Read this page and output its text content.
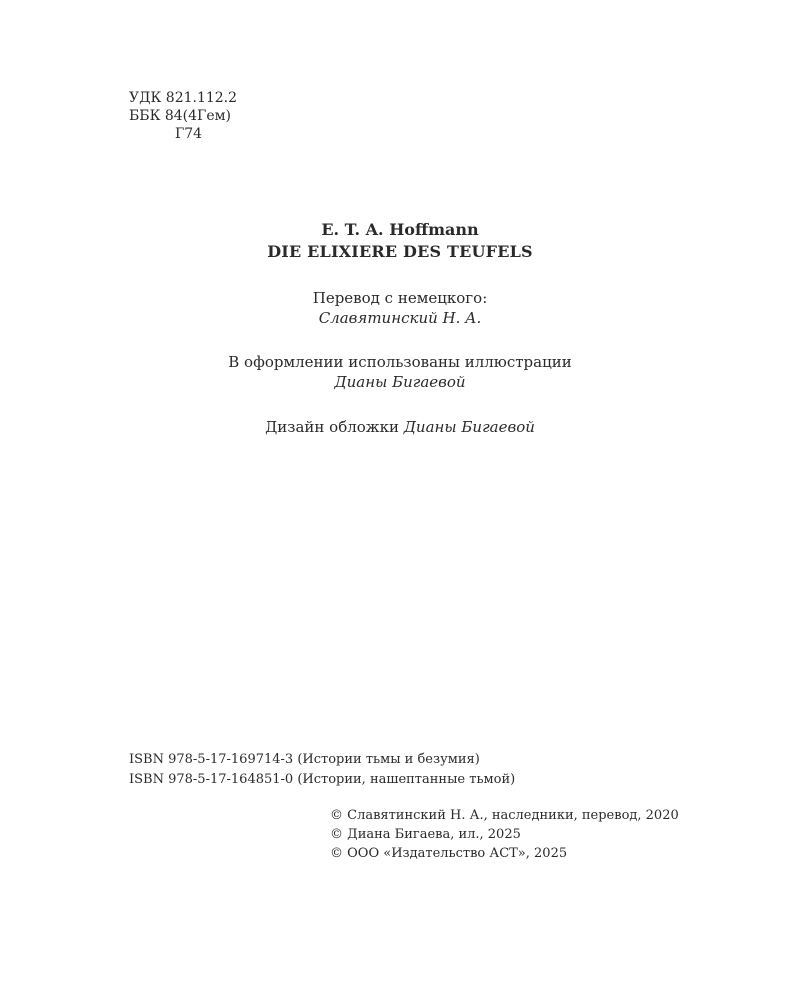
УДК 821.112.2
ББК 84(4Гем)
Г74
E. T. A. Hoffmann
DIE ELIXIERE DES TEUFELS
Перевод с немецкого:
Славятинский Н. А.
В оформлении использованы иллюстрации
Дианы Бигаевой
Дизайн обложки Дианы Бигаевой
ISBN 978-5-17-169714-3 (Истории тьмы и безумия)
ISBN 978-5-17-164851-0 (Истории, нашептанные тьмой)
© Славятинский Н. А., наследники, перевод, 2020
© Диана Бигаева, ил., 2025
© ООО «Издательство АСТ», 2025
